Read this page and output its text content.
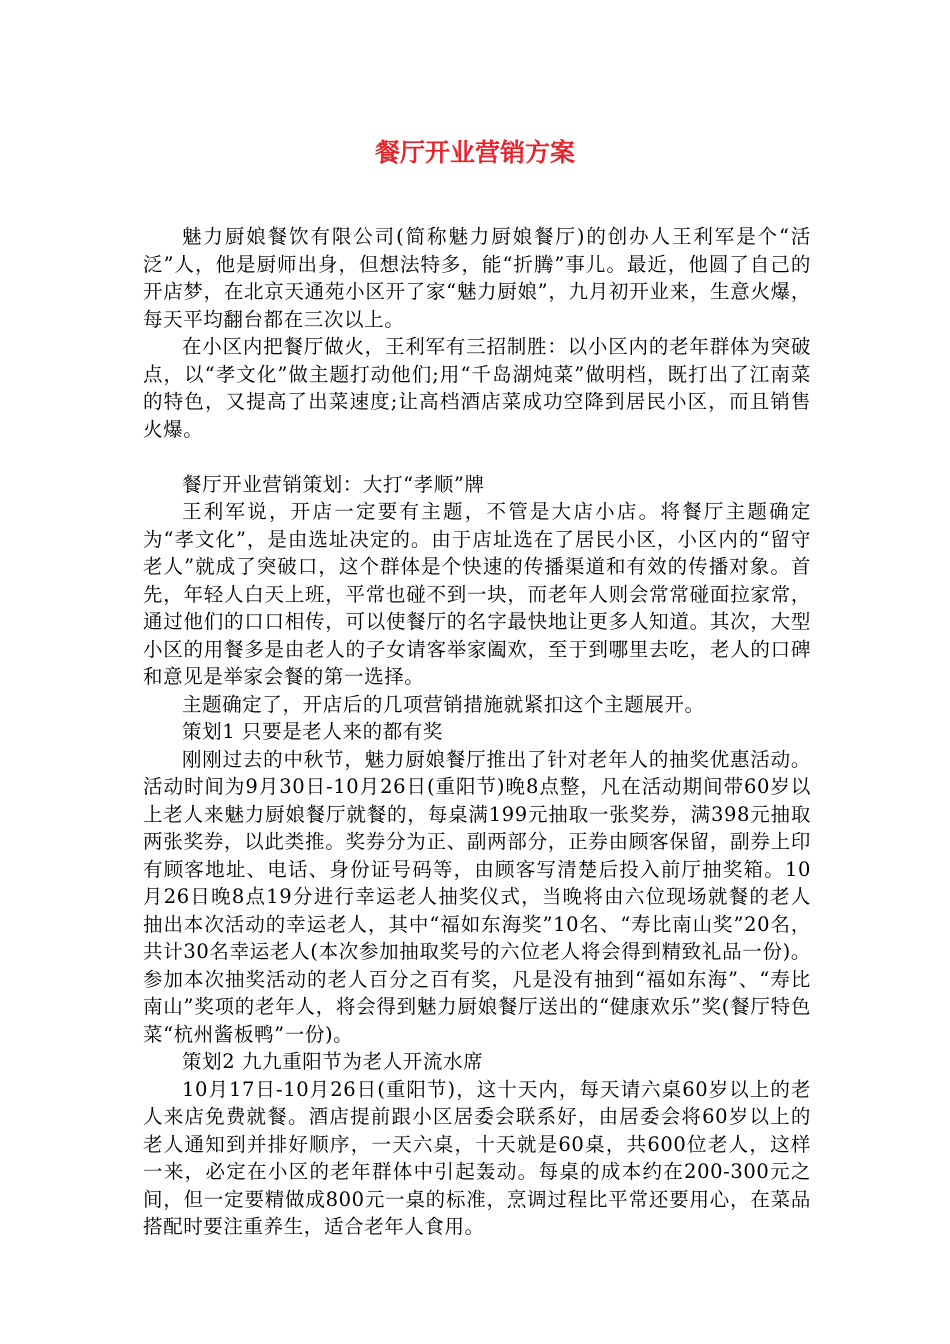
餐厅开业营销方案

魅力厨娘餐饮有限公司(简称魅力厨娘餐厅)的创办人王利军是个“活泛”人，他是厨师出身，但想法特多，能“折腾”事儿。最近，他圆了自己的开店梦，在北京天通苑小区开了家“魅力厨娘”，九月初开业来，生意火爆，每天平均翻台都在三次以上。

在小区内把餐厅做火，王利军有三招制胜：以小区内的老年群体为突破点，以“孝文化”做主题打动他们;用“千岛湖炖菜”做明档，既打出了江南菜的特色，又提高了出菜速度;让高档酒店菜成功空降到居民小区，而且销售火爆。

餐厅开业营销策划：大打“孝顺”牌

王利军说，开店一定要有主题，不管是大店小店。将餐厅主题确定为“孝文化”，是由选址决定的。由于店址选在了居民小区，小区内的“留守老人”就成了突破口，这个群体是个快速的传播渠道和有效的传播对象。首先，年轻人白天上班，平常也碰不到一块，而老年人则会常常碰面拉家常，通过他们的口口相传，可以使餐厅的名字最快地让更多人知道。其次，大型小区的用餐多是由老人的子女请客举家阖欢，至于到哪里去吃，老人的口碑和意见是举家会餐的第一选择。

主题确定了，开店后的几项营销措施就紧扣这个主题展开。

策划1 只要是老人来的都有奖

刚刚过去的中秋节，魅力厨娘餐厅推出了针对老年人的抽奖优惠活动。活动时间为9月30日-10月26日(重阳节)晚8点整，凡在活动期间带60岁以上老人来魅力厨娘餐厅就餐的，每桌满199元抽取一张奖券，满398元抽取两张奖券，以此类推。奖券分为正、副两部分，正券由顾客保留，副券上印有顾客地址、电话、身份证号码等，由顾客写清楚后投入前厅抽奖箱。10月26日晚8点19分进行幸运老人抽奖仪式，当晚将由六位现场就餐的老人抽出本次活动的幸运老人，其中“福如东海奖”10名、“寿比南山奖”20名，共计30名幸运老人(本次参加抽取奖号的六位老人将会得到精致礼品一份)。参加本次抽奖活动的老人百分之百有奖，凡是没有抽到“福如东海”、“寿比南山”奖项的老年人，将会得到魅力厨娘餐厅送出的“健康欢乐”奖(餐厅特色菜“杭州酱板鸭”一份)。

策划2 九九重阳节为老人开流水席

10月17日-10月26日(重阳节)，这十天内，每天请六桌60岁以上的老人来店免费就餐。酒店提前跟小区居委会联系好，由居委会将60岁以上的老人通知到并排好顺序，一天六桌，十天就是60桌，共600位老人，这样一来，必定在小区的老年群体中引起轰动。每桌的成本约在200-300元之间，但一定要精做成800元一桌的标准，烹调过程比平常还要用心，在菜品搭配时要注重养生，适合老年人食用。
